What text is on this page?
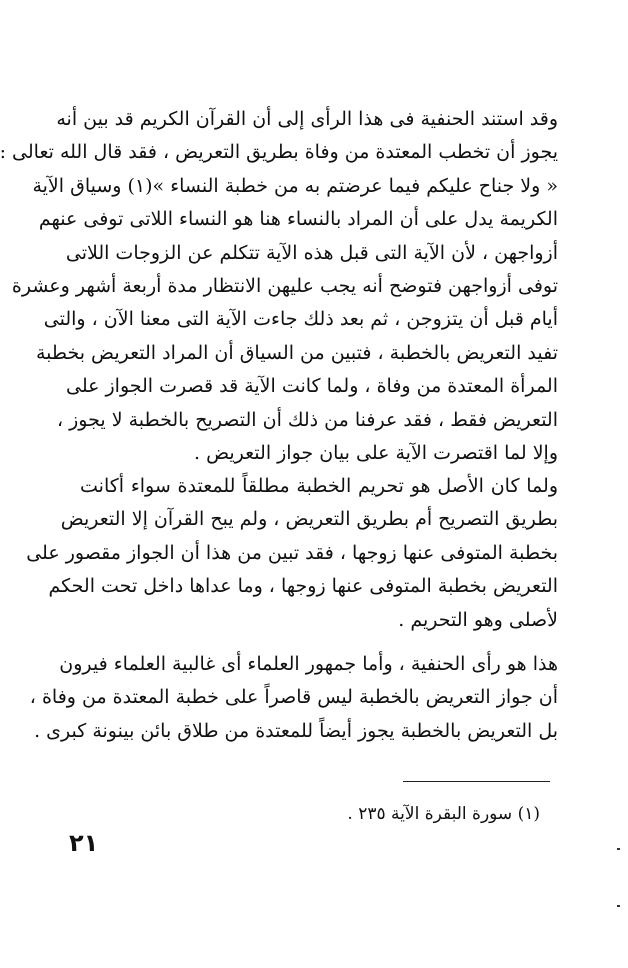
وقد استند الحنفية فى هذا الرأى إلى أن القرآن الكريم قد بين أنه
يجوز أن تخطب المعتدة من وفاة بطريق التعريض ، فقد قال الله تعالى :
« ولا جناح عليكم فيما عرضتم به من خطبة النساء »(١) وسياق الآية
الكريمة يدل على أن المراد بالنساء هنا هو النساء اللاتى توفى عنهم
أزواجهن ، لأن الآية التى قبل هذه الآية تتكلم عن الزوجات اللاتى
توفى أزواجهن فتوضح أنه يجب عليهن الانتظار مدة أربعة أشهر وعشرة
أيام قبل أن يتزوجن ، ثم بعد ذلك جاءت الآية التى معنا الآن ، والتى
تفيد التعريض بالخطبة ، فتبين من السياق أن المراد التعريض بخطبة
المرأة المعتدة من وفاة ، ولما كانت الآية قد قصرت الجواز على
التعريض فقط ، فقد عرفنا من ذلك أن التصريح بالخطبة لا يجوز ،
وإلا لما اقتصرت الآية على بيان جواز التعريض .

ولما كان الأصل هو تحريم الخطبة مطلقاً للمعتدة سواء أكانت
بطريق التصريح أم بطريق التعريض ، ولم يبح القرآن إلا التعريض
بخطبة المتوفى عنها زوجها ، فقد تبين من هذا أن الجواز مقصور على
التعريض بخطبة المتوفى عنها زوجها ، وما عداها داخل تحت الحكم
لأصلى وهو التحريم .

هذا هو رأى الحنفية ، وأما جمهور العلماء أى غالبية العلماء فيرون
أن جواز التعريض بالخطبة ليس قاصراً على خطبة المعتدة من وفاة ،
بل التعريض بالخطبة يجوز أيضاً للمعتدة من طلاق بائن بينونة كبرى .

(١) سورة البقرة الآية ٢٣٥ .

٢١
